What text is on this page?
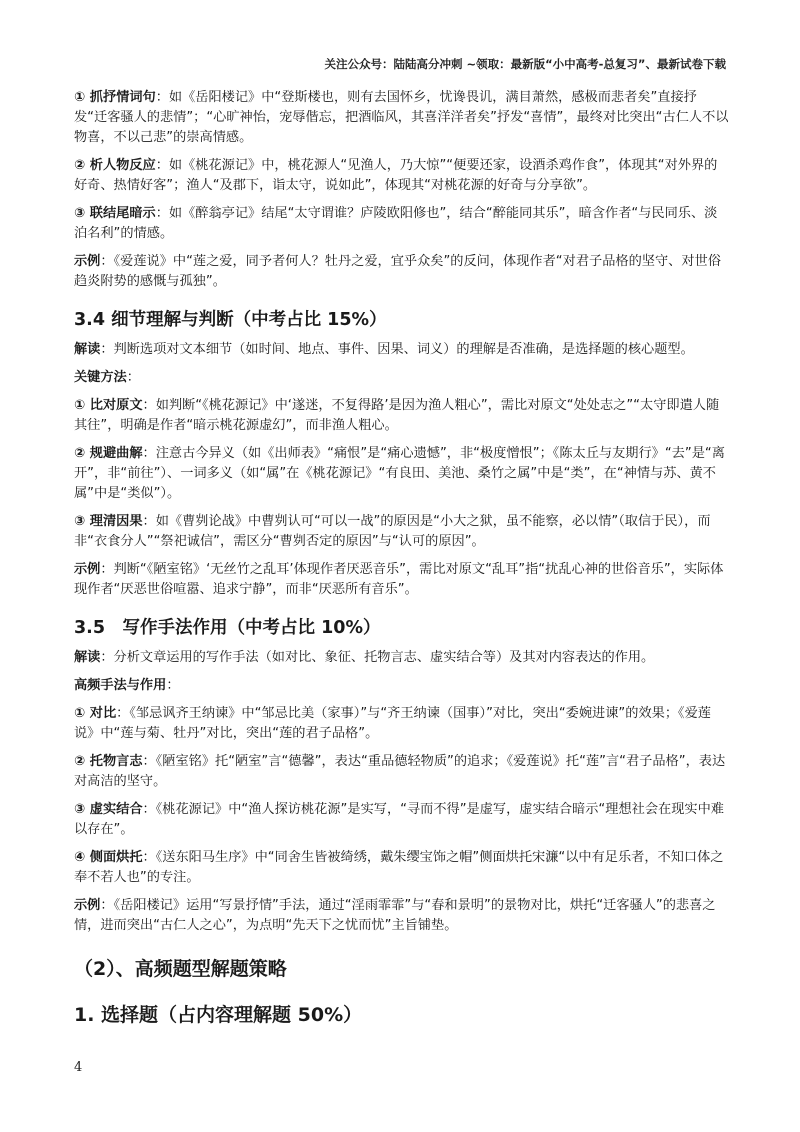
关注公众号：陆陆高分冲刺 ~领取：最新版“小中高考-总复习”、最新试卷下载

① 抓抒情词句：如《岳阳楼记》中“登斯楼也，则有去国怀乡，忧谗畏讥，满目萧然，感极而悲者矣”直接抒发“迁客骚人的悲情”；“心旷神怡，宠辱偕忘，把酒临风，其喜洋洋者矣”抒发“喜情”，最终对比突出“古仁人不以物喜，不以己悲”的崇高情感。

② 析人物反应：如《桃花源记》中，桃花源人“见渔人，乃大惊”“便要还家，设酒杀鸡作食”，体现其“对外界的好奇、热情好客”；渔人“及郡下，诣太守，说如此”，体现其“对桃花源的好奇与分享欲”。

③ 联结尾暗示：如《醉翁亭记》结尾“太守谓谁？庐陵欧阳修也”，结合“醉能同其乐”，暗含作者“与民同乐、淡泊名利”的情感。

示例：《爱莲说》中“莲之爱，同予者何人？牡丹之爱，宜乎众矣”的反问，体现作者“对君子品格的坚守、对世俗趋炎附势的感慨与孤独”。

3.4 细节理解与判断（中考占比 15%）

解读：判断选项对文本细节（如时间、地点、事件、因果、词义）的理解是否准确，是选择题的核心题型。

关键方法：

① 比对原文：如判断“《桃花源记》中‘遂迷，不复得路’是因为渔人粗心”，需比对原文“处处志之”“太守即遣人随其往”，明确是作者“暗示桃花源虚幻”，而非渔人粗心。

② 规避曲解：注意古今异义（如《出师表》“痛恨”是“痛心遗憾”，非“极度憎恨”；《陈太丘与友期行》“去”是“离开”，非“前往”）、一词多义（如“属”在《桃花源记》“有良田、美池、桑竹之属”中是“类”，在“神情与苏、黄不属”中是“类似”）。

③ 理清因果：如《曹刿论战》中曹刿认可“可以一战”的原因是“小大之狱，虽不能察，必以情”（取信于民），而非“衣食分人”“祭祀诚信”，需区分“曹刿否定的原因”与“认可的原因”。

示例：判断“《陋室铭》‘无丝竹之乱耳’体现作者厌恶音乐”，需比对原文“乱耳”指“扰乱心神的世俗音乐”，实际体现作者“厌恶世俗喧嚣、追求宁静”，而非“厌恶所有音乐”。

3.5　写作手法作用（中考占比 10%）

解读：分析文章运用的写作手法（如对比、象征、托物言志、虚实结合等）及其对内容表达的作用。

高频手法与作用：

① 对比：《邹忌讽齐王纳谏》中“邹忌比美（家事）”与“齐王纳谏（国事）”对比，突出“委婉进谏”的效果；《爱莲说》中“莲与菊、牡丹”对比，突出“莲的君子品格”。

② 托物言志：《陋室铭》托“陋室”言“德馨”，表达“重品德轻物质”的追求；《爱莲说》托“莲”言“君子品格”，表达对高洁的坚守。

③ 虚实结合：《桃花源记》中“渔人探访桃花源”是实写，“寻而不得”是虚写，虚实结合暗示“理想社会在现实中难以存在”。

④ 侧面烘托：《送东阳马生序》中“同舍生皆被绮绣，戴朱缨宝饰之帽”侧面烘托宋濂“以中有足乐者，不知口体之奉不若人也”的专注。

示例：《岳阳楼记》运用“写景抒情”手法，通过“淫雨霏霏”与“春和景明”的景物对比，烘托“迁客骚人”的悲喜之情，进而突出“古仁人之心”，为点明“先天下之忧而忧”主旨铺垫。

（2）、高频题型解题策略
1. 选择题（占内容理解题 50%）
4
